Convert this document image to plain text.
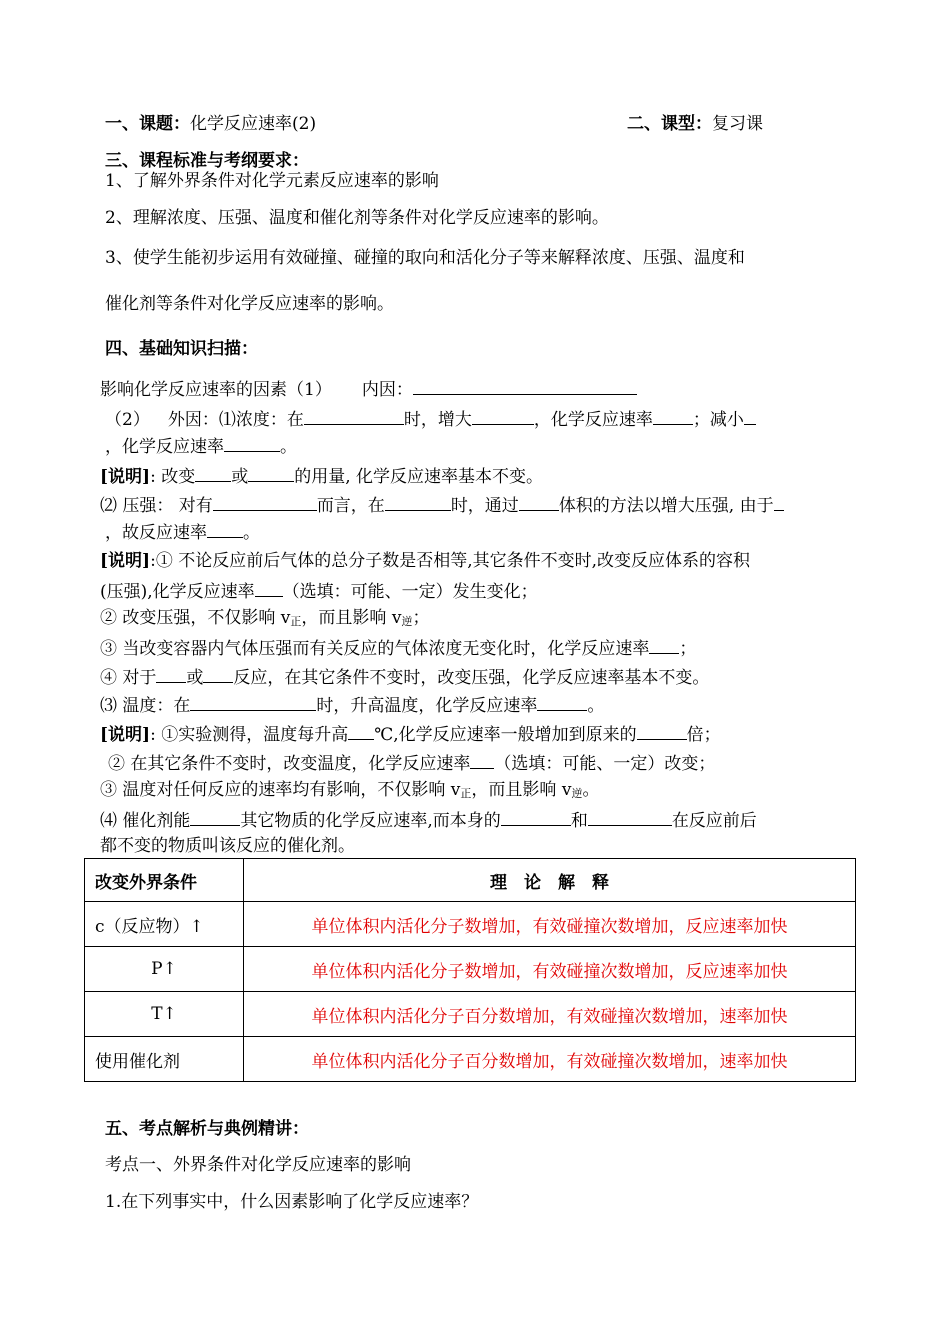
一、课题：化学反应速率(2)	二、课型：复习课
三、课程标准与考纲要求：
1、了解外界条件对化学元素反应速率的影响
2、理解浓度、压强、温度和催化剂等条件对化学反应速率的影响。
3、使学生能初步运用有效碰撞、碰撞的取向和活化分子等来解释浓度、压强、温度和
催化剂等条件对化学反应速率的影响。
四、基础知识扫描：
影响化学反应速率的因素（1） 内因：
（2） 外因：⑴浓度：在	时，增大	，化学反应速率 ；减小
，化学反应速率	。
[说明]: 改变 或	的用量, 化学反应速率基本不变。
⑵ 压强： 对有	而言，在	时，通过 体积的方法以增大压强, 由于
，故反应速率 。
[说明]:① 不论反应前后气体的总分子数是否相等,其它条件不变时,改变反应体系的容积
(压强),化学反应速率 （选填：可能、一定）发生变化；
② 改变压强，不仅影响 $v_正$，而且影响 $v_逆$；
③ 当改变容器内气体压强而有关反应的气体浓度无变化时，化学反应速率 ；
④ 对于 或 反应，在其它条件不变时，改变压强，化学反应速率基本不变。
⑶ 温度：在	时，升高温度，化学反应速率	。
[说明]: ①实验测得，温度每升高 ℃,化学反应速率一般增加到原来的	倍；
② 在其它条件不变时，改变温度，化学反应速率 （选填：可能、一定）改变；
③ 温度对任何反应的速率均有影响，不仅影响 $v_正$，而且影响 $v_逆$。
⑷ 催化剂能	其它物质的化学反应速率,而本身的	和	在反应前后
都不变的物质叫该反应的催化剂。
改变外界条件	理　论　解　释
c（反应物）↑	单位体积内活化分子数增加，有效碰撞次数增加，反应速率加快
P↑	单位体积内活化分子数增加，有效碰撞次数增加，反应速率加快
T↑	单位体积内活化分子百分数增加，有效碰撞次数增加，速率加快
使用催化剂	单位体积内活化分子百分数增加，有效碰撞次数增加，速率加快
五、考点解析与典例精讲：
考点一、外界条件对化学反应速率的影响
1.在下列事实中，什么因素影响了化学反应速率？
